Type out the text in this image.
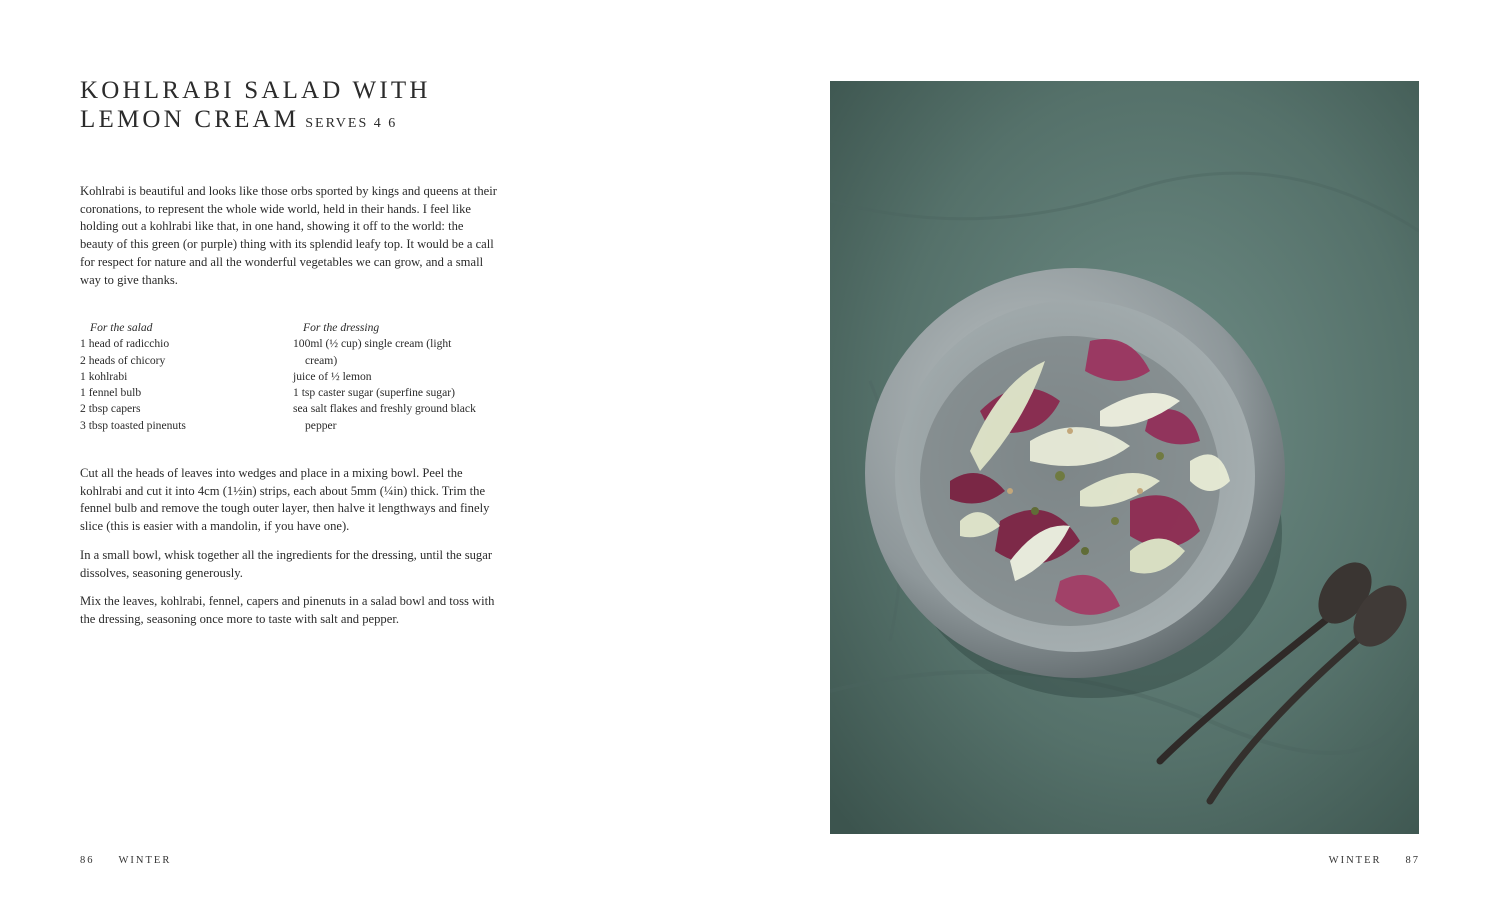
KOHLRABI SALAD WITH
LEMON CREAM SERVES 4 6

Kohlrabi is beautiful and looks like those orbs sported by kings and queens at their coronations, to represent the whole wide world, held in their hands. I feel like holding out a kohlrabi like that, in one hand, showing it off to the world: the beauty of this green (or purple) thing with its splendid leafy top. It would be a call for respect for nature and all the wonderful vegetables we can grow, and a small way to give thanks.

For the salad
1 head of radicchio
2 heads of chicory
1 kohlrabi
1 fennel bulb
2 tbsp capers
3 tbsp toasted pinenuts
For the dressing
100ml (½ cup) single cream (light cream)
juice of ½ lemon
1 tsp caster sugar (superfine sugar)
sea salt flakes and freshly ground black pepper

Cut all the heads of leaves into wedges and place in a mixing bowl. Peel the kohlrabi and cut it into 4cm (1½in) strips, each about 5mm (¼in) thick. Trim the fennel bulb and remove the tough outer layer, then halve it lengthways and finely slice (this is easier with a mandolin, if you have one).

In a small bowl, whisk together all the ingredients for the dressing, until the sugar dissolves, seasoning generously.

Mix the leaves, kohlrabi, fennel, capers and pinenuts in a salad bowl and toss with the dressing, seasoning once more to taste with salt and pepper.

86 WINTER	WINTER 87
